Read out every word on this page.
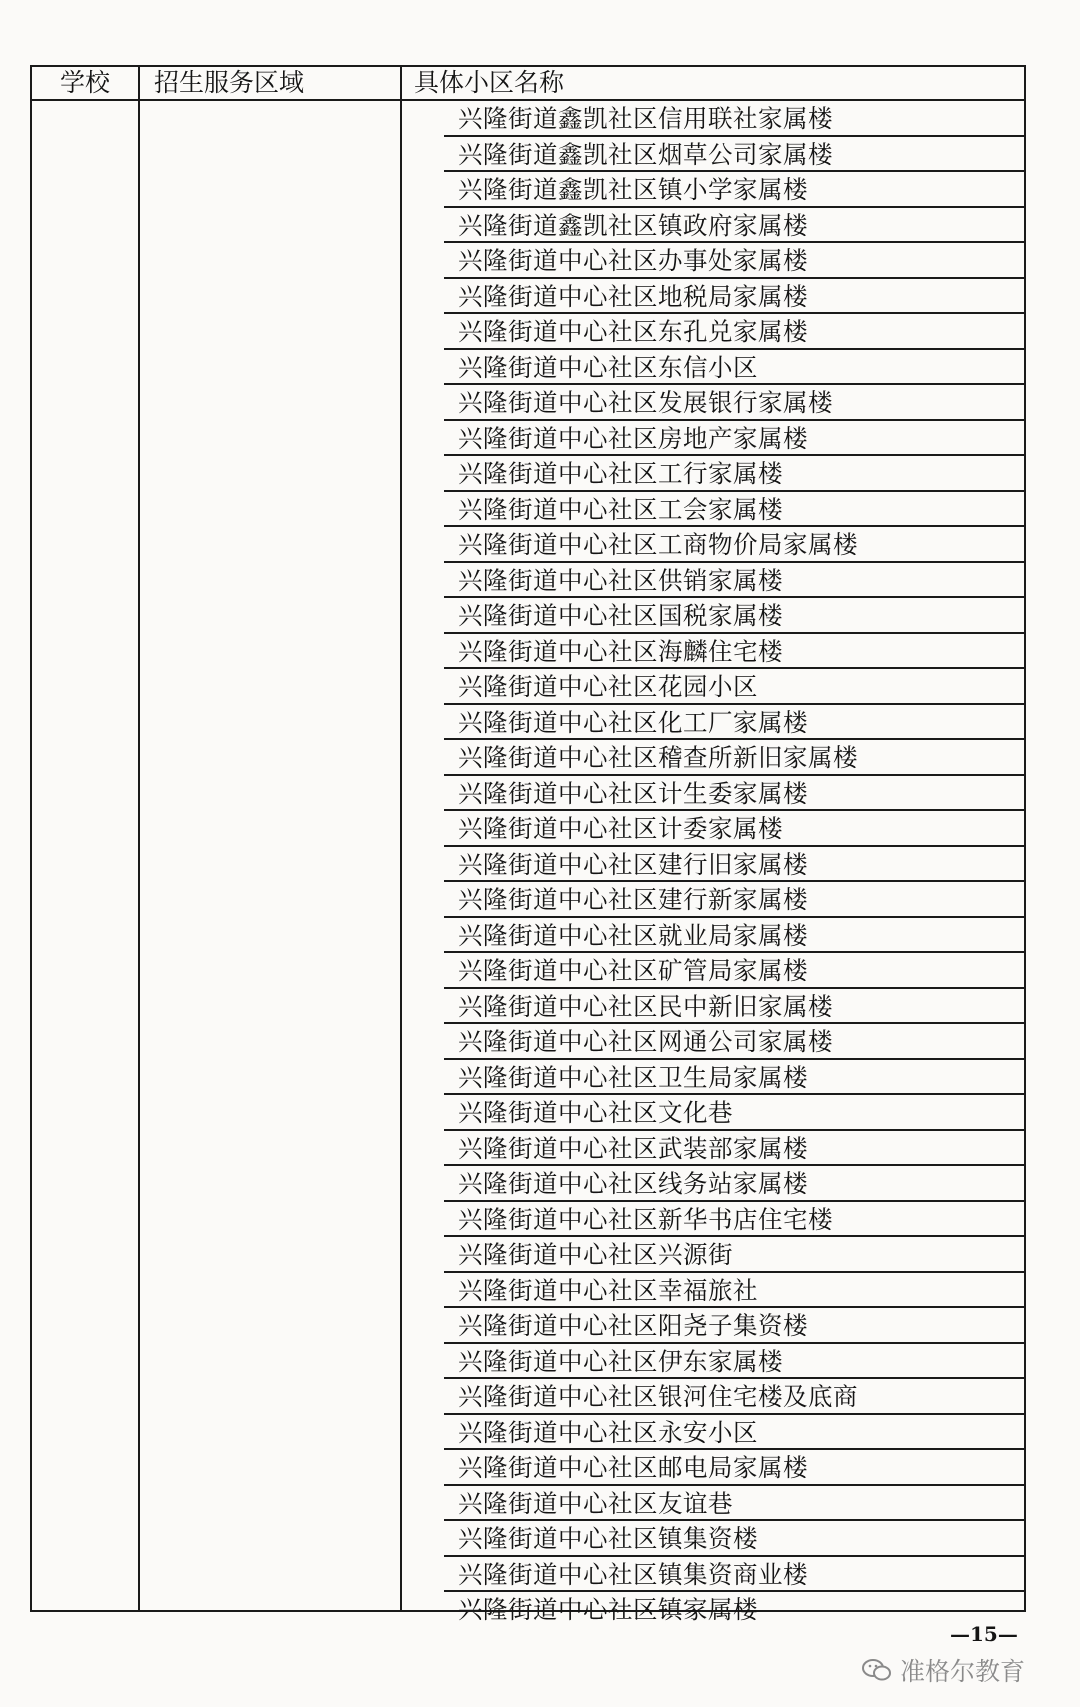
学校 招生服务区域	具体小区名称
兴隆街道鑫凯社区信用联社家属楼
兴隆街道鑫凯社区烟草公司家属楼
兴隆街道鑫凯社区镇小学家属楼
兴隆街道鑫凯社区镇政府家属楼
兴隆街道中心社区办事处家属楼
兴隆街道中心社区地税局家属楼
兴隆街道中心社区东孔兑家属楼
兴隆街道中心社区东信小区
兴隆街道中心社区发展银行家属楼
兴隆街道中心社区房地产家属楼
兴隆街道中心社区工行家属楼
兴隆街道中心社区工会家属楼
兴隆街道中心社区工商物价局家属楼
兴隆街道中心社区供销家属楼
兴隆街道中心社区国税家属楼
兴隆街道中心社区海麟住宅楼
兴隆街道中心社区花园小区
兴隆街道中心社区化工厂家属楼
兴隆街道中心社区稽查所新旧家属楼
兴隆街道中心社区计生委家属楼
兴隆街道中心社区计委家属楼
兴隆街道中心社区建行旧家属楼
兴隆街道中心社区建行新家属楼
兴隆街道中心社区就业局家属楼
兴隆街道中心社区矿管局家属楼
兴隆街道中心社区民中新旧家属楼
兴隆街道中心社区网通公司家属楼
兴隆街道中心社区卫生局家属楼
兴隆街道中心社区文化巷
兴隆街道中心社区武装部家属楼
兴隆街道中心社区线务站家属楼
兴隆街道中心社区新华书店住宅楼
兴隆街道中心社区兴源街
兴隆街道中心社区幸福旅社
兴隆街道中心社区阳尧子集资楼
兴隆街道中心社区伊东家属楼
兴隆街道中心社区银河住宅楼及底商
兴隆街道中心社区永安小区
兴隆街道中心社区邮电局家属楼
兴隆街道中心社区友谊巷
兴隆街道中心社区镇集资楼
兴隆街道中心社区镇集资商业楼
兴隆街道中心社区镇家属楼
—15—
准格尔教育
